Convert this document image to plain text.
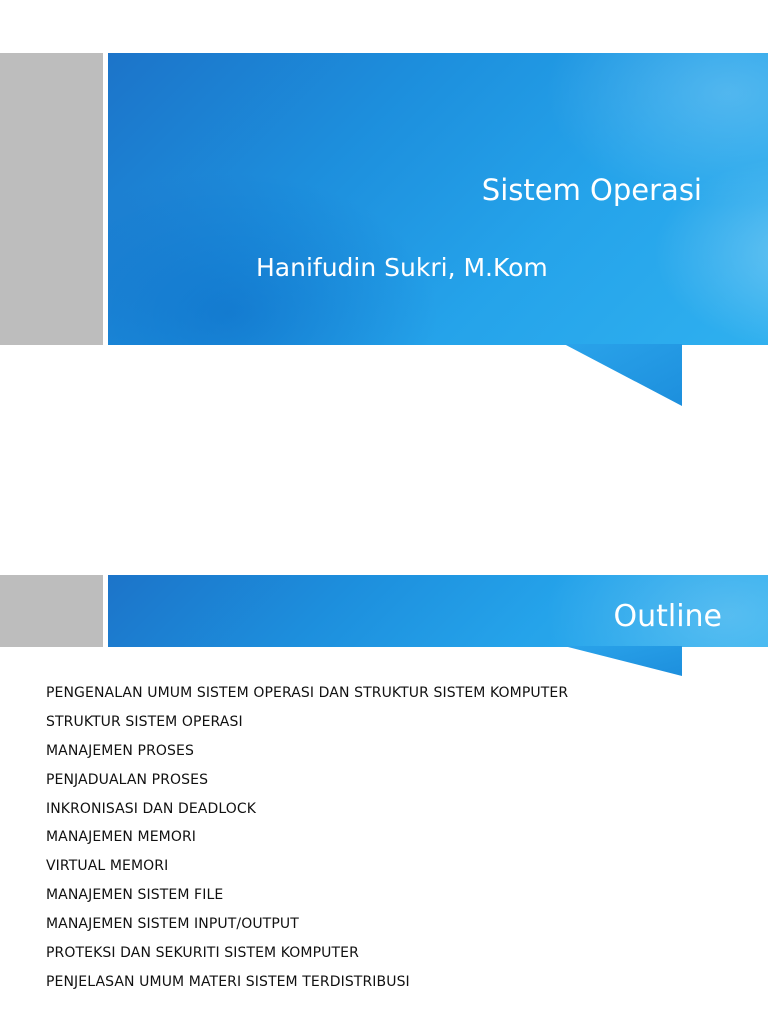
Sistem Operasi
Hanifudin Sukri, M.Kom
Outline
PENGENALAN UMUM SISTEM OPERASI DAN STRUKTUR SISTEM KOMPUTER
STRUKTUR SISTEM OPERASI
MANAJEMEN PROSES
PENJADUALAN PROSES
INKRONISASI DAN DEADLOCK
MANAJEMEN MEMORI
VIRTUAL MEMORI
MANAJEMEN SISTEM FILE
MANAJEMEN SISTEM INPUT/OUTPUT
PROTEKSI DAN SEKURITI SISTEM KOMPUTER
PENJELASAN UMUM MATERI SISTEM TERDISTRIBUSI
